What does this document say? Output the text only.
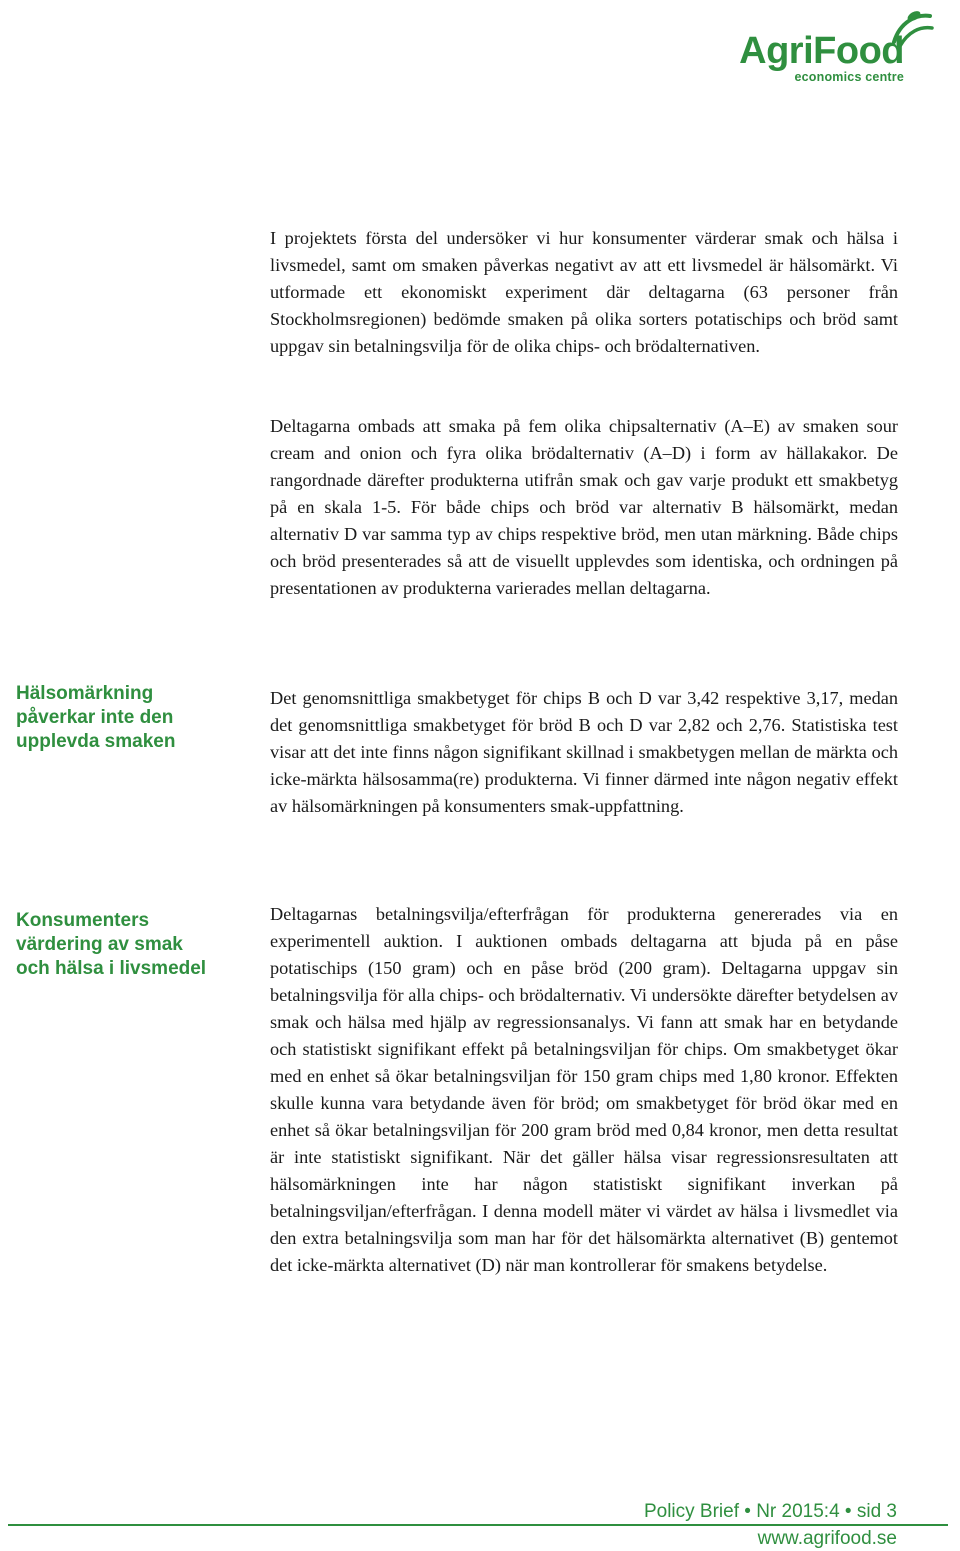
AgriFood
economics centre

Hälsomärkning påverkar inte den upplevda smaken

Konsumenters värdering av smak och hälsa i livsmedel

I projektets första del undersöker vi hur konsumenter värderar smak och hälsa i livsmedel, samt om smaken påverkas negativt av att ett livsmedel är hälsomärkt. Vi utformade ett ekonomiskt experiment där deltagarna (63 personer från Stockholmsregionen) bedömde smaken på olika sorters potatischips och bröd samt uppgav sin betalningsvilja för de olika chips- och brödalternativen.

Deltagarna ombads att smaka på fem olika chipsalternativ (A–E) av smaken sour cream and onion och fyra olika brödalternativ (A–D) i form av hällakakor. De rangordnade därefter produkterna utifrån smak och gav varje produkt ett smakbetyg på en skala 1-5. För både chips och bröd var alternativ B hälsomärkt, medan alternativ D var samma typ av chips respektive bröd, men utan märkning. Både chips och bröd presenterades så att de visuellt upplevdes som identiska, och ordningen på presentationen av produkterna varierades mellan deltagarna.

Det genomsnittliga smakbetyget för chips B och D var 3,42 respektive 3,17, medan det genomsnittliga smakbetyget för bröd B och D var 2,82 och 2,76. Statistiska test visar att det inte finns någon signifikant skillnad i smakbetygen mellan de märkta och icke-märkta hälsosamma(re) produkterna. Vi finner därmed inte någon negativ effekt av hälsomärkningen på konsumenters smak-uppfattning.

Deltagarnas betalningsvilja/efterfrågan för produkterna genererades via en experimentell auktion. I auktionen ombads deltagarna att bjuda på en påse potatischips (150 gram) och en påse bröd (200 gram). Deltagarna uppgav sin betalningsvilja för alla chips- och brödalternativ. Vi undersökte därefter betydelsen av smak och hälsa med hjälp av regressionsanalys. Vi fann att smak har en betydande och statistiskt signifikant effekt på betalningsviljan för chips. Om smakbetyget ökar med en enhet så ökar betalningsviljan för 150 gram chips med 1,80 kronor. Effekten skulle kunna vara betydande även för bröd; om smakbetyget för bröd ökar med en enhet så ökar betalningsviljan för 200 gram bröd med 0,84 kronor, men detta resultat är inte statistiskt signifikant. När det gäller hälsa visar regressionsresultaten att hälsomärkningen inte har någon statistiskt signifikant inverkan på betalningsviljan/efterfrågan. I denna modell mäter vi värdet av hälsa i livsmedlet via den extra betalningsvilja som man har för det hälsomärkta alternativet (B) gentemot det icke-märkta alternativet (D) när man kontrollerar för smakens betydelse.

Policy Brief • Nr 2015:4 • sid 3
www.agrifood.se
